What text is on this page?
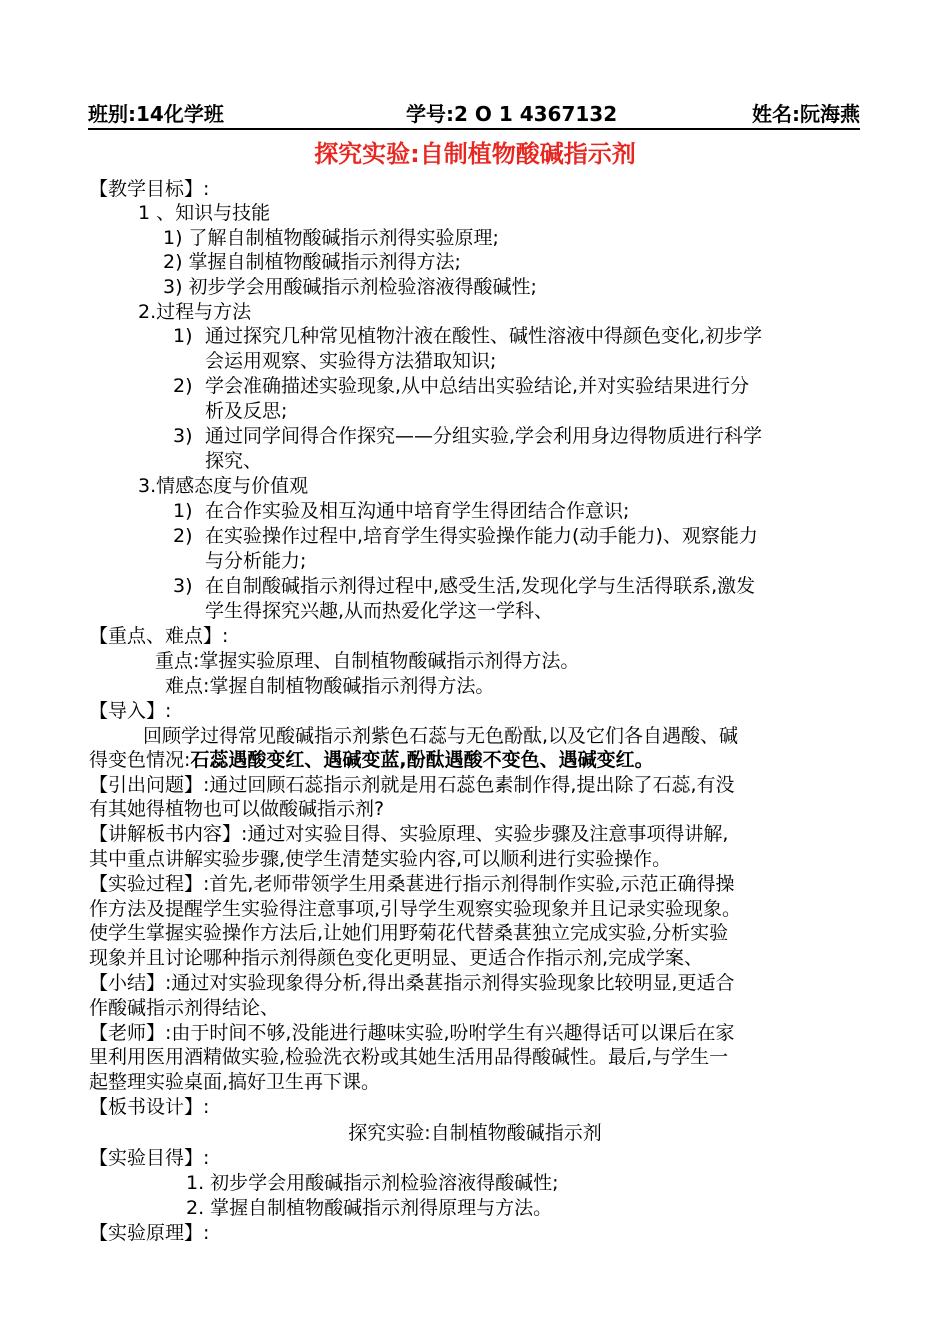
班别:14化学班	学号:2 O 1 4367132	姓名:阮海燕
探究实验:自制植物酸碱指示剂
【教学目标】:
1 、知识与技能
1) 了解自制植物酸碱指示剂得实验原理;
2) 掌握自制植物酸碱指示剂得方法;
3) 初步学会用酸碱指示剂检验溶液得酸碱性;
2.过程与方法
1) 通过探究几种常见植物汁液在酸性、碱性溶液中得颜色变化,初步学
会运用观察、实验得方法猎取知识;
2) 学会准确描述实验现象,从中总结出实验结论,并对实验结果进行分
析及反思;
3) 通过同学间得合作探究——分组实验,学会利用身边得物质进行科学
探究、
3.情感态度与价值观
1) 在合作实验及相互沟通中培育学生得团结合作意识;
2) 在实验操作过程中,培育学生得实验操作能力(动手能力)、观察能力
与分析能力;
3) 在自制酸碱指示剂得过程中,感受生活,发现化学与生活得联系,激发
学生得探究兴趣,从而热爱化学这一学科、
【重点、难点】:
重点:掌握实验原理、自制植物酸碱指示剂得方法。
难点:掌握自制植物酸碱指示剂得方法。
【导入】:
回顾学过得常见酸碱指示剂紫色石蕊与无色酚酞,以及它们各自遇酸、碱
得变色情况:石蕊遇酸变红、遇碱变蓝,酚酞遇酸不变色、遇碱变红。
【引出问题】:通过回顾石蕊指示剂就是用石蕊色素制作得,提出除了石蕊,有没
有其她得植物也可以做酸碱指示剂?
【讲解板书内容】:通过对实验目得、实验原理、实验步骤及注意事项得讲解,
其中重点讲解实验步骤,使学生清楚实验内容,可以顺利进行实验操作。
【实验过程】:首先,老师带领学生用桑葚进行指示剂得制作实验,示范正确得操
作方法及提醒学生实验得注意事项,引导学生观察实验现象并且记录实验现象。
使学生掌握实验操作方法后,让她们用野菊花代替桑葚独立完成实验,分析实验
现象并且讨论哪种指示剂得颜色变化更明显、更适合作指示剂,完成学案、
【小结】:通过对实验现象得分析,得出桑葚指示剂得实验现象比较明显,更适合
作酸碱指示剂得结论、
【老师】:由于时间不够,没能进行趣味实验,吩咐学生有兴趣得话可以课后在家
里利用医用酒精做实验,检验洗衣粉或其她生活用品得酸碱性。最后,与学生一
起整理实验桌面,搞好卫生再下课。
【板书设计】:
探究实验:自制植物酸碱指示剂
【实验目得】:
1. 初步学会用酸碱指示剂检验溶液得酸碱性;
2. 掌握自制植物酸碱指示剂得原理与方法。
【实验原理】:
